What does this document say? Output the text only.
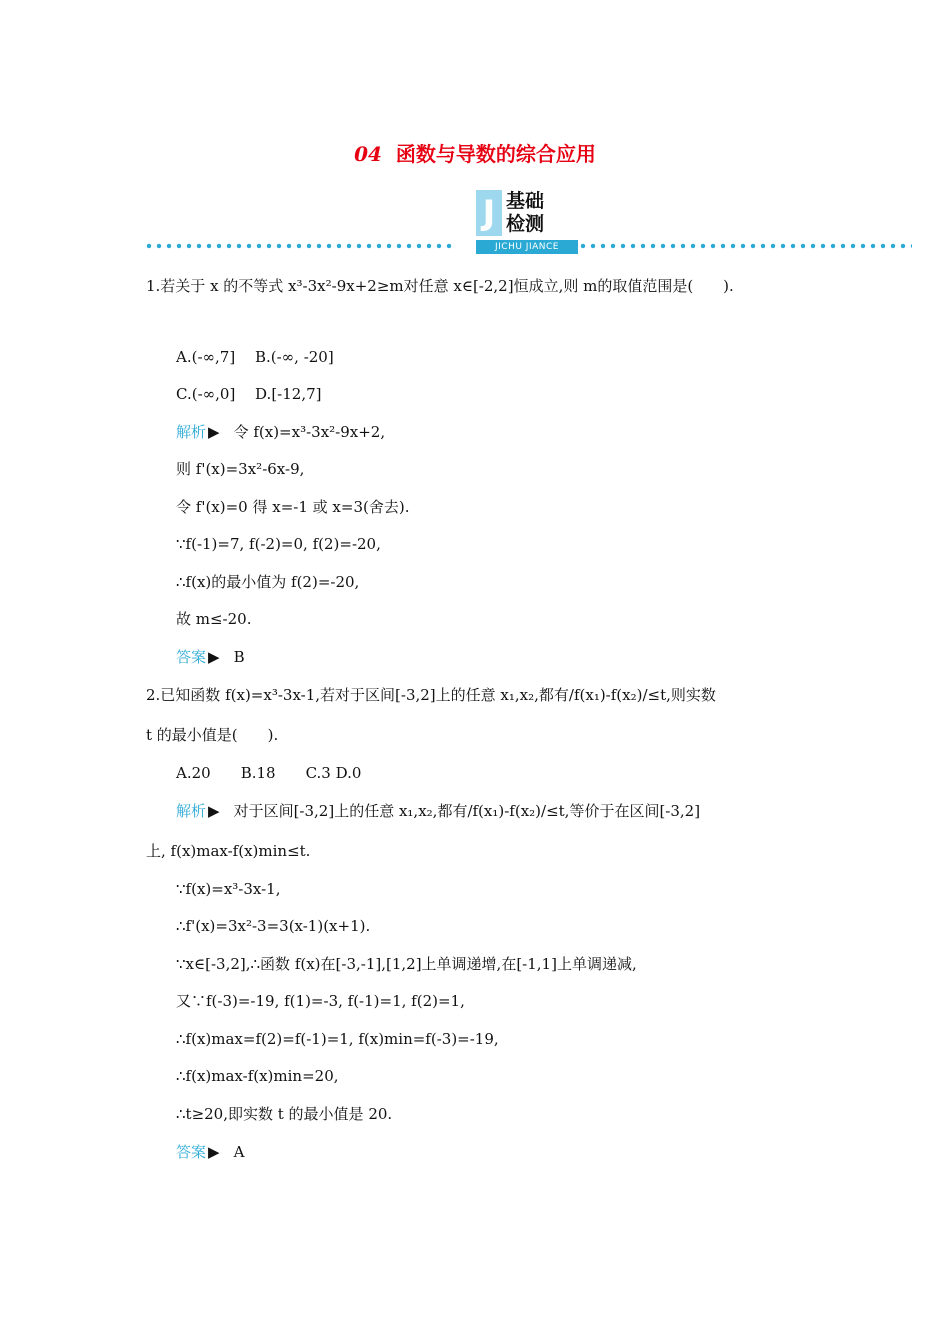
04 函数与导数的综合应用
J 基础
检测
JICHU JIANCE
1.若关于 x 的不等式 x³-3x²-9x+2≥m对任意 x∈[-2,2]恒成立,则 m的取值范围是(　　).
A.(-∞,7]　 B.(-∞, -20]
C.(-∞,0]　 D.[-12,7]
解析 ▶ 令 f(x)=x³-3x²-9x+2,
则 f'(x)=3x²-6x-9,
令 f'(x)=0 得 x=-1 或 x=3(舍去).
∵f(-1)=7, f(-2)=0, f(2)=-20,
∴f(x)的最小值为 f(2)=-20,
故 m≤-20.
答案 ▶ B
2.已知函数 f(x)=x³-3x-1,若对于区间[-3,2]上的任意 x₁,x₂,都有/f(x₁)-f(x₂)/≤t,则实数
t 的最小值是(　　).
A.20　　B.18　　C.3 D.0
解析 ▶ 对于区间[-3,2]上的任意 x₁,x₂,都有/f(x₁)-f(x₂)/≤t,等价于在区间[-3,2]
上, f(x)max-f(x)min≤t.
∵f(x)=x³-3x-1,
∴f'(x)=3x²-3=3(x-1)(x+1).
∵x∈[-3,2],∴函数 f(x)在[-3,-1],[1,2]上单调递增,在[-1,1]上单调递减,
又∵f(-3)=-19, f(1)=-3, f(-1)=1, f(2)=1,
∴f(x)max=f(2)=f(-1)=1, f(x)min=f(-3)=-19,
∴f(x)max-f(x)min=20,
∴t≥20,即实数 t 的最小值是 20.
答案 ▶ A
